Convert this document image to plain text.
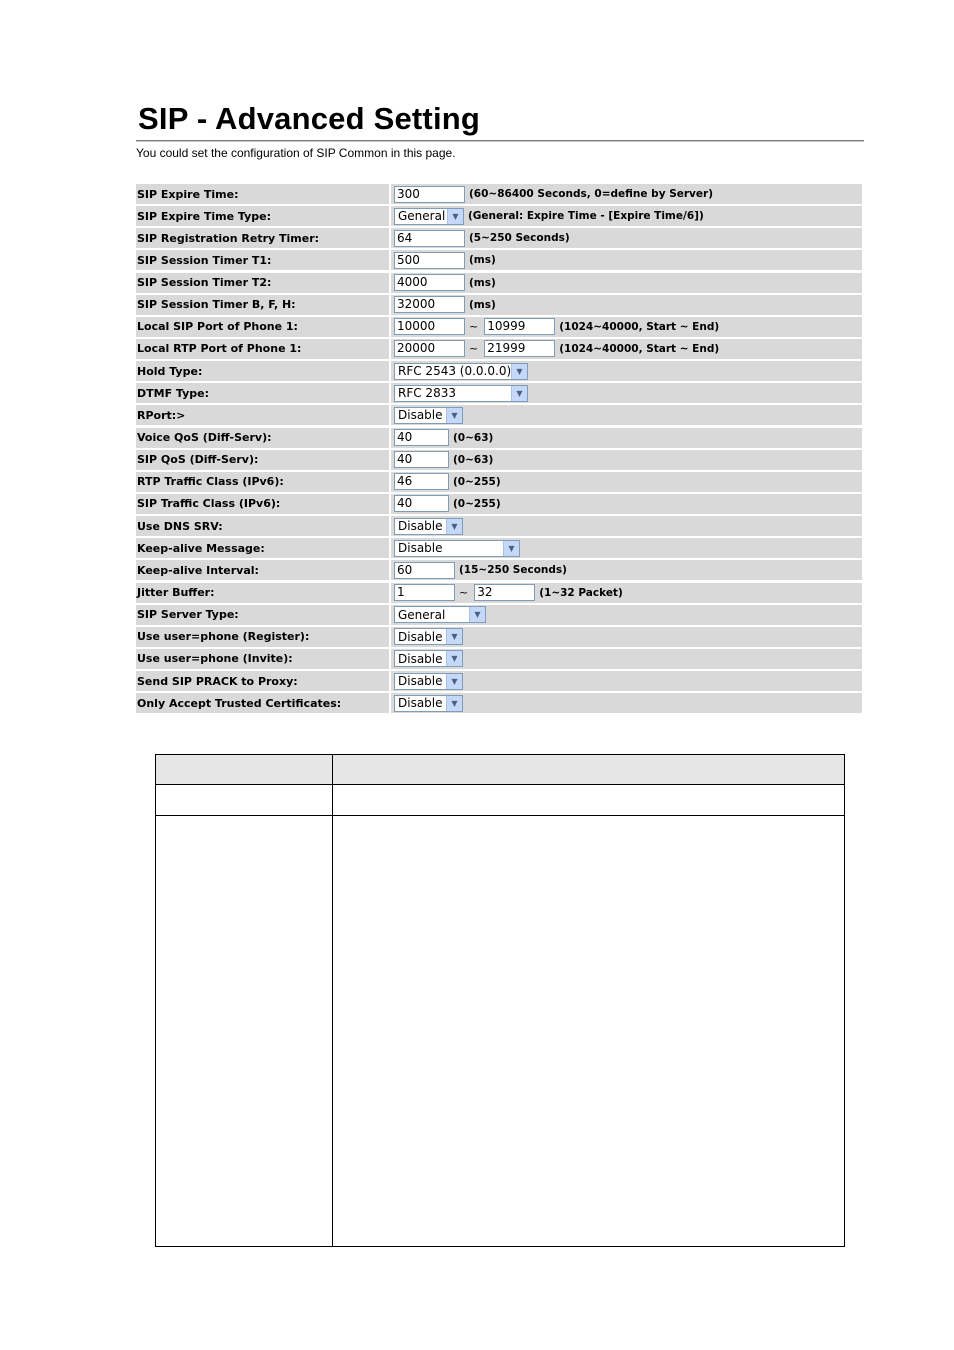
SIP - Advanced Setting
You could set the configuration of SIP Common in this page.
SIP Expire Time:	300	(60~86400 Seconds, 0=define by Server)
SIP Expire Time Type:	General ▼ (General: Expire Time - [Expire Time/6])
SIP Registration Retry Timer:	64	(5~250 Seconds)
SIP Session Timer T1:	500	(ms)
SIP Session Timer T2:	4000	(ms)
SIP Session Timer B, F, H:	32000	(ms)
Local SIP Port of Phone 1:	10000	~ 10999	(1024~40000, Start ~ End)
Local RTP Port of Phone 1:	20000	~ 21999	(1024~40000, Start ~ End)
Hold Type:	RFC 2543 (0.0.0.0) ▼
DTMF Type:	RFC 2833	▼
RPort:>	Disable	▼
Voice QoS (Diff-Serv):	40	(0~63)
SIP QoS (Diff-Serv):	40	(0~63)
RTP Traffic Class (IPv6):	46	(0~255)
SIP Traffic Class (IPv6):	40	(0~255)
Use DNS SRV:	Disable	▼
Keep-alive Message:	Disable	▼
Keep-alive Interval:	60	(15~250 Seconds)
Jitter Buffer:	1	~ 32	(1~32 Packet)
SIP Server Type:	General	▼
Use user=phone (Register):	Disable	▼
Use user=phone (Invite):	Disable	▼
Send SIP PRACK to Proxy:	Disable	▼
Only Accept Trusted Certificates:	Disable	▼
